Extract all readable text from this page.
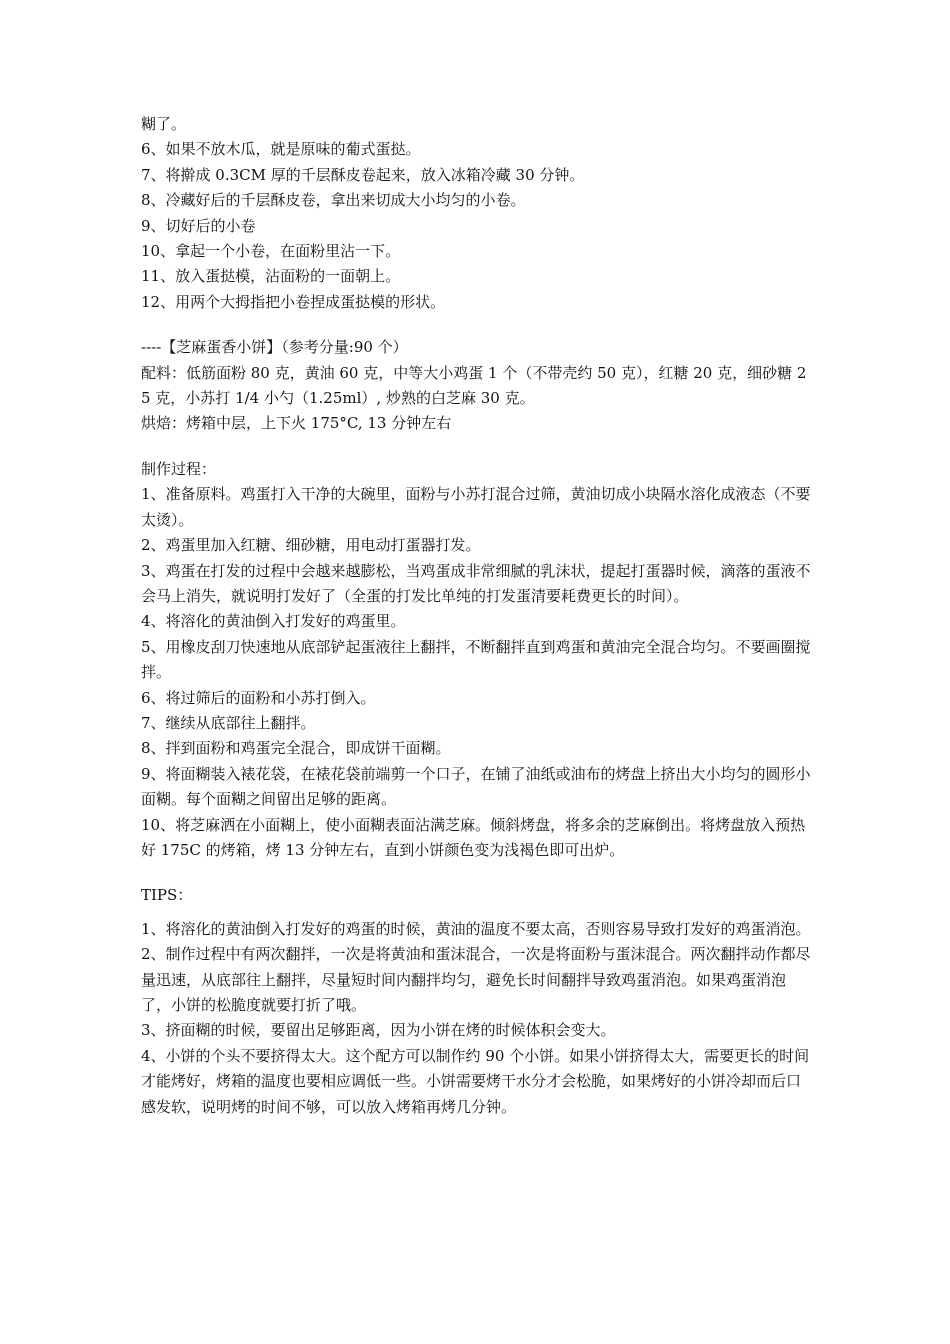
糊了。
6、如果不放木瓜，就是原味的葡式蛋挞。
7、将擀成 0.3CM 厚的千层酥皮卷起来，放入冰箱冷藏 30 分钟。
8、冷藏好后的千层酥皮卷，拿出来切成大小均匀的小卷。
9、切好后的小卷
10、拿起一个小卷，在面粉里沾一下。
11、放入蛋挞模，沾面粉的一面朝上。
12、用两个大拇指把小卷捏成蛋挞模的形状。
----【芝麻蛋香小饼】（参考分量:90 个）
配料：低筋面粉 80 克，黄油 60 克，中等大小鸡蛋 1 个（不带壳约 50 克），红糖 20 克，细砂糖 25 克，小苏打 1/4 小勺（1.25ml）, 炒熟的白芝麻 30 克。
烘焙：烤箱中层，上下火 175°C, 13 分钟左右
制作过程：
1、准备原料。鸡蛋打入干净的大碗里，面粉与小苏打混合过筛，黄油切成小块隔水溶化成液态（不要太烫）。
2、鸡蛋里加入红糖、细砂糖，用电动打蛋器打发。
3、鸡蛋在打发的过程中会越来越膨松，当鸡蛋成非常细腻的乳沫状，提起打蛋器时候，滴落的蛋液不会马上消失，就说明打发好了（全蛋的打发比单纯的打发蛋清要耗费更长的时间）。
4、将溶化的黄油倒入打发好的鸡蛋里。
5、用橡皮刮刀快速地从底部铲起蛋液往上翻拌，不断翻拌直到鸡蛋和黄油完全混合均匀。不要画圈搅拌。
6、将过筛后的面粉和小苏打倒入。
7、继续从底部往上翻拌。
8、拌到面粉和鸡蛋完全混合，即成饼干面糊。
9、将面糊装入裱花袋，在裱花袋前端剪一个口子，在铺了油纸或油布的烤盘上挤出大小均匀的圆形小面糊。每个面糊之间留出足够的距离。
10、将芝麻洒在小面糊上，使小面糊表面沾满芝麻。倾斜烤盘，将多余的芝麻倒出。将烤盘放入预热好 175C 的烤箱，烤 13 分钟左右，直到小饼颜色变为浅褐色即可出炉。
TIPS：
1、将溶化的黄油倒入打发好的鸡蛋的时候，黄油的温度不要太高，否则容易导致打发好的鸡蛋消泡。
2、制作过程中有两次翻拌，一次是将黄油和蛋沫混合，一次是将面粉与蛋沫混合。两次翻拌动作都尽量迅速，从底部往上翻拌，尽量短时间内翻拌均匀，避免长时间翻拌导致鸡蛋消泡。如果鸡蛋消泡了，小饼的松脆度就要打折了哦。
3、挤面糊的时候，要留出足够距离，因为小饼在烤的时候体积会变大。
4、小饼的个头不要挤得太大。这个配方可以制作约 90 个小饼。如果小饼挤得太大，需要更长的时间才能烤好，烤箱的温度也要相应调低一些。小饼需要烤干水分才会松脆，如果烤好的小饼冷却而后口感发软，说明烤的时间不够，可以放入烤箱再烤几分钟。
